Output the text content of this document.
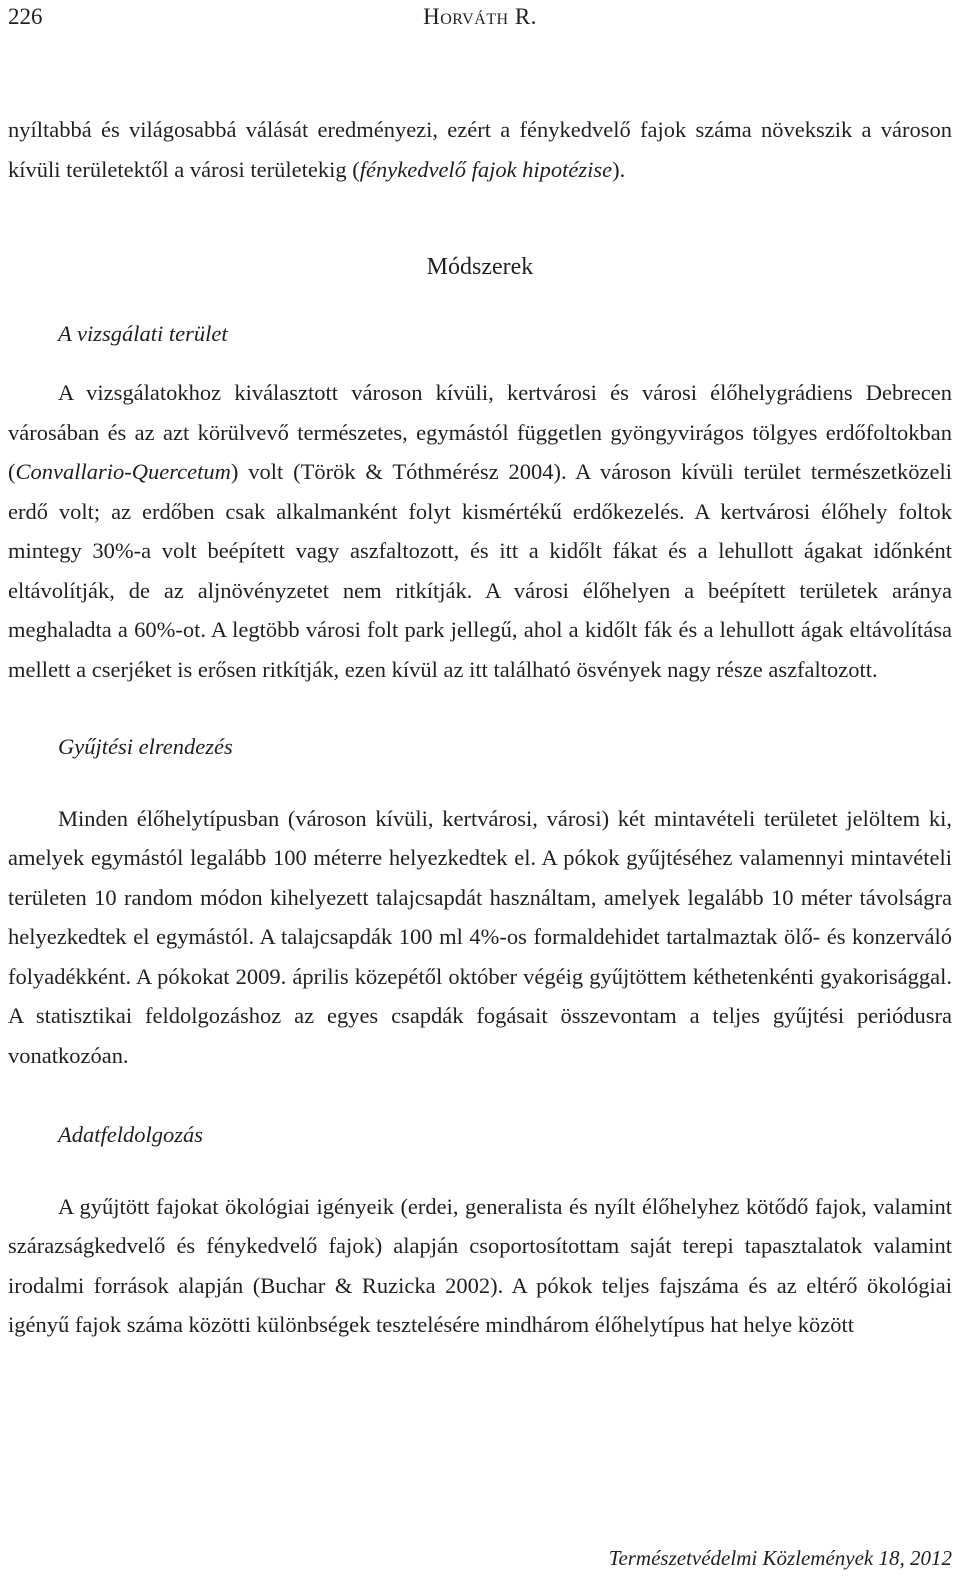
226	Horváth R.

nyíltabbá és világosabbá válását eredményezi, ezért a fénykedvelő fajok száma növekszik a városon kívüli területektől a városi területekig (fénykedvelő fajok hipotézise).

Módszerek
A vizsgálati terület

A vizsgálatokhoz kiválasztott városon kívüli, kertvárosi és városi élőhelygrádiens Debrecen városában és az azt körülvevő természetes, egymástól független gyöngyvirágos tölgyes erdőfoltokban (Convallario-Quercetum) volt (Török & Tóthmérész 2004). A városon kívüli terület természetközeli erdő volt; az erdőben csak alkalmanként folyt kismértékű erdőkezelés. A kertvárosi élőhely foltok mintegy 30%-a volt beépített vagy aszfaltozott, és itt a kidőlt fákat és a lehullott ágakat időnként eltávolítják, de az aljnövényzetet nem ritkítják. A városi élőhelyen a beépített területek aránya meghaladta a 60%-ot. A legtöbb városi folt park jellegű, ahol a kidőlt fák és a lehullott ágak eltávolítása mellett a cserjéket is erősen ritkítják, ezen kívül az itt található ösvények nagy része aszfaltozott.

Gyűjtési elrendezés

Minden élőhelytípusban (városon kívüli, kertvárosi, városi) két mintavételi területet jelöltem ki, amelyek egymástól legalább 100 méterre helyezkedtek el. A pókok gyűjtéséhez valamennyi mintavételi területen 10 random módon kihelyezett talajcsapdát használtam, amelyek legalább 10 méter távolságra helyezkedtek el egymástól. A talajcsapdák 100 ml 4%-os formaldehidet tartalmaztak ölő- és konzerváló folyadékként. A pókokat 2009. április közepétől október végéig gyűjtöttem kéthetenkénti gyakorisággal. A statisztikai feldolgozáshoz az egyes csapdák fogásait összevontam a teljes gyűjtési periódusra vonatkozóan.

Adatfeldolgozás

A gyűjtött fajokat ökológiai igényeik (erdei, generalista és nyílt élőhelyhez kötődő fajok, valamint szárazságkedvelő és fénykedvelő fajok) alapján csoportosítottam saját terepi tapasztalatok valamint irodalmi források alapján (Buchar & Ruzicka 2002). A pókok teljes fajszáma és az eltérő ökológiai igényű fajok száma közötti különbségek tesztelésére mindhárom élőhelytípus hat helye között

Természetvédelmi Közlemények 18, 2012
